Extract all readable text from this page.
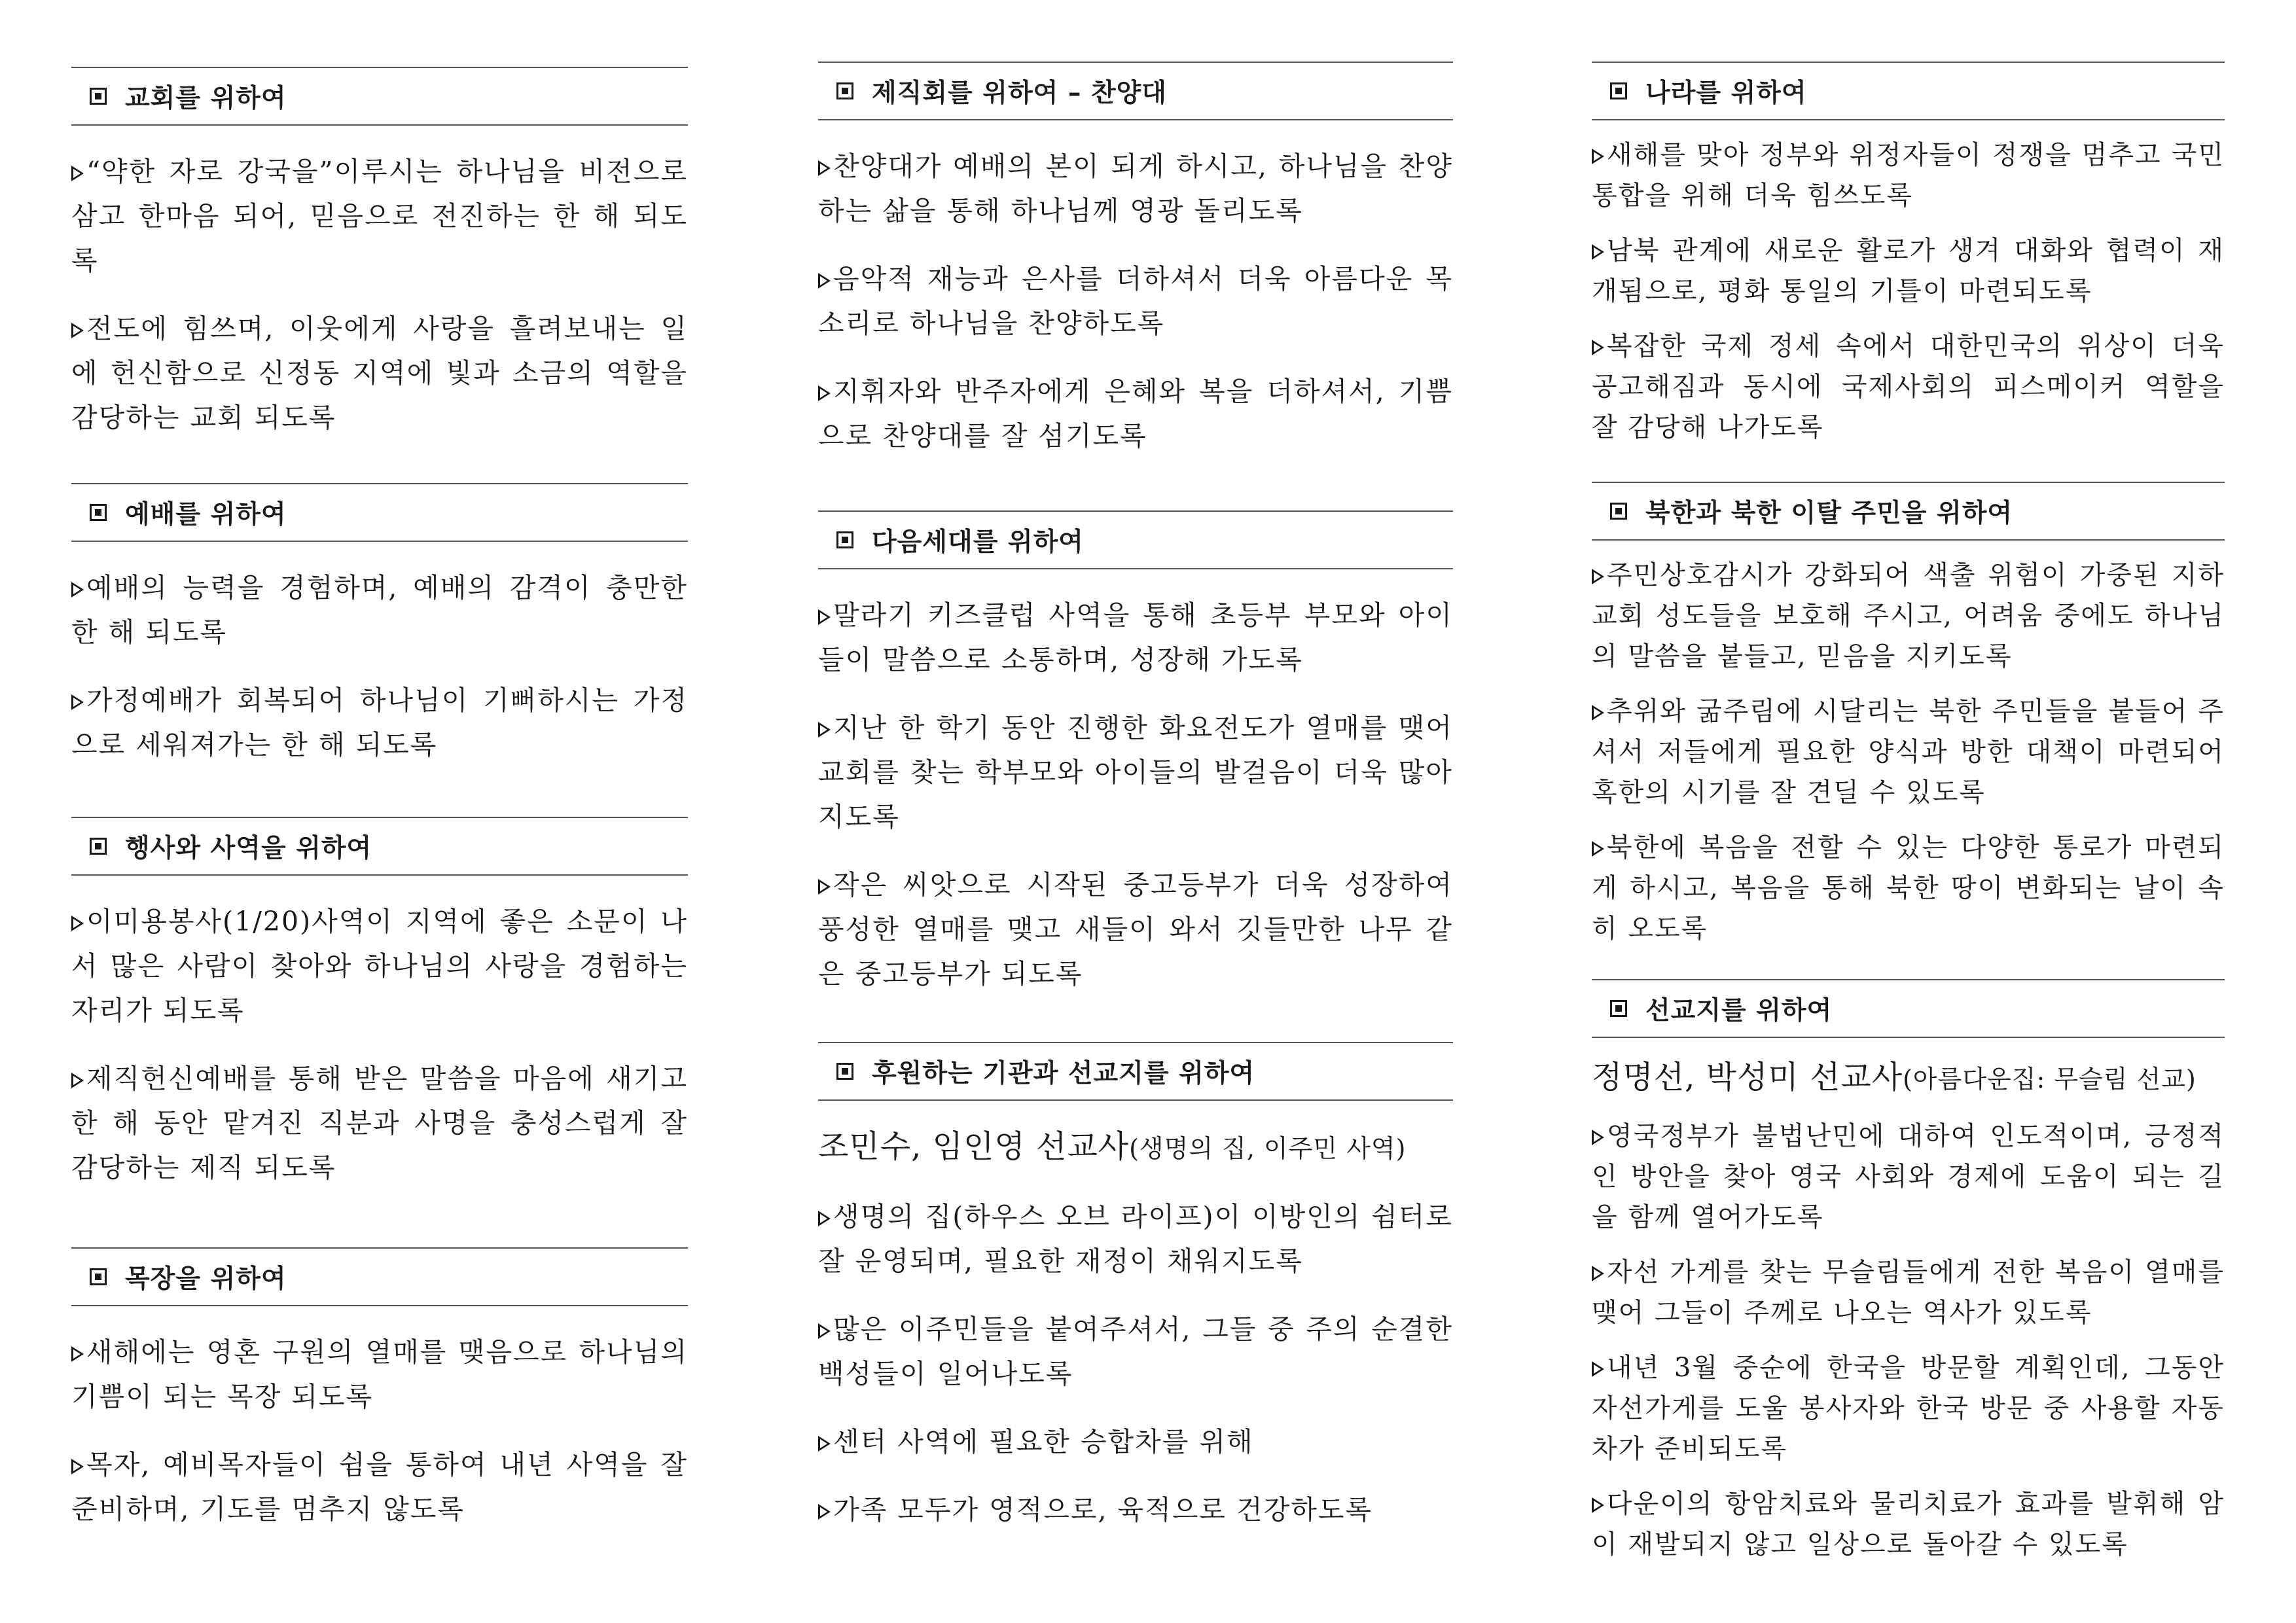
교회를 위하여
“약한 자로 강국을”이루시는 하나님을 비전으로 삼고 한마음 되어, 믿음으로 전진하는 한 해 되도록
전도에 힘쓰며, 이웃에게 사랑을 흘려보내는 일에 헌신함으로 신정동 지역에 빛과 소금의 역할을 감당하는 교회 되도록
예배를 위하여
예배의 능력을 경험하며, 예배의 감격이 충만한 한 해 되도록
가정예배가 회복되어 하나님이 기뻐하시는 가정으로 세워져가는 한 해 되도록
행사와 사역을 위하여
이미용봉사(1/20)사역이 지역에 좋은 소문이 나서 많은 사람이 찾아와 하나님의 사랑을 경험하는 자리가 되도록
제직헌신예배를 통해 받은 말씀을 마음에 새기고 한 해 동안 맡겨진 직분과 사명을 충성스럽게 잘 감당하는 제직 되도록
목장을 위하여
새해에는 영혼 구원의 열매를 맺음으로 하나님의 기쁨이 되는 목장 되도록
목자, 예비목자들이 쉼을 통하여 내년 사역을 잘 준비하며, 기도를 멈추지 않도록
제직회를 위하여 – 찬양대
찬양대가 예배의 본이 되게 하시고, 하나님을 찬양하는 삶을 통해 하나님께 영광 돌리도록
음악적 재능과 은사를 더하셔서 더욱 아름다운 목소리로 하나님을 찬양하도록
지휘자와 반주자에게 은혜와 복을 더하셔서, 기쁨으로 찬양대를 잘 섬기도록
다음세대를 위하여
말라기 키즈클럽 사역을 통해 초등부 부모와 아이들이 말씀으로 소통하며, 성장해 가도록
지난 한 학기 동안 진행한 화요전도가 열매를 맺어 교회를 찾는 학부모와 아이들의 발걸음이 더욱 많아지도록
작은 씨앗으로 시작된 중고등부가 더욱 성장하여 풍성한 열매를 맺고 새들이 와서 깃들만한 나무 같은 중고등부가 되도록
후원하는 기관과 선교지를 위하여
조민수, 임인영 선교사(생명의 집, 이주민 사역)
생명의 집(하우스 오브 라이프)이 이방인의 쉼터로 잘 운영되며, 필요한 재정이 채워지도록
많은 이주민들을 붙여주셔서, 그들 중 주의 순결한 백성들이 일어나도록
센터 사역에 필요한 승합차를 위해
가족 모두가 영적으로, 육적으로 건강하도록
나라를 위하여
새해를 맞아 정부와 위정자들이 정쟁을 멈추고 국민통합을 위해 더욱 힘쓰도록
남북 관계에 새로운 활로가 생겨 대화와 협력이 재개됨으로, 평화 통일의 기틀이 마련되도록
복잡한 국제 정세 속에서 대한민국의 위상이 더욱 공고해짐과 동시에 국제사회의 피스메이커 역할을 잘 감당해 나가도록
북한과 북한 이탈 주민을 위하여
주민상호감시가 강화되어 색출 위험이 가중된 지하교회 성도들을 보호해 주시고, 어려움 중에도 하나님의 말씀을 붙들고, 믿음을 지키도록
추위와 굶주림에 시달리는 북한 주민들을 붙들어 주셔서 저들에게 필요한 양식과 방한 대책이 마련되어 혹한의 시기를 잘 견딜 수 있도록
북한에 복음을 전할 수 있는 다양한 통로가 마련되게 하시고, 복음을 통해 북한 땅이 변화되는 날이 속히 오도록
선교지를 위하여
정명선, 박성미 선교사(아름다운집: 무슬림 선교)
영국정부가 불법난민에 대하여 인도적이며, 긍정적인 방안을 찾아 영국 사회와 경제에 도움이 되는 길을 함께 열어가도록
자선 가게를 찾는 무슬림들에게 전한 복음이 열매를 맺어 그들이 주께로 나오는 역사가 있도록
내년 3월 중순에 한국을 방문할 계획인데, 그동안 자선가게를 도울 봉사자와 한국 방문 중 사용할 자동차가 준비되도록
다운이의 항암치료와 물리치료가 효과를 발휘해 암이 재발되지 않고 일상으로 돌아갈 수 있도록
